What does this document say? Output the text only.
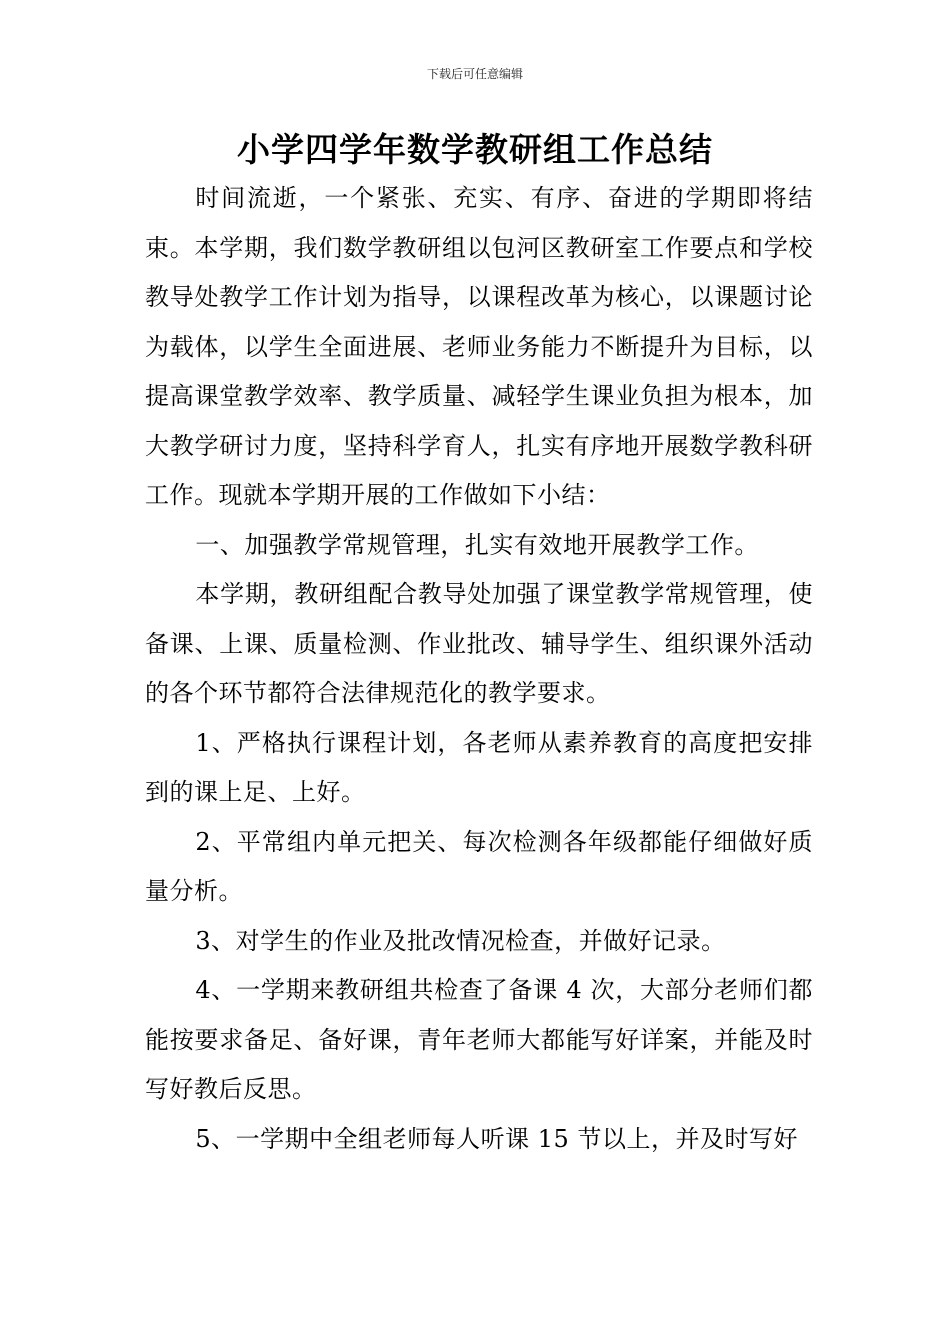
下载后可任意编辑
小学四学年数学教研组工作总结

时间流逝，一个紧张、充实、有序、奋进的学期即将结束。本学期，我们数学教研组以包河区教研室工作要点和学校教导处教学工作计划为指导，以课程改革为核心，以课题讨论为载体，以学生全面进展、老师业务能力不断提升为目标，以提高课堂教学效率、教学质量、减轻学生课业负担为根本，加大教学研讨力度，坚持科学育人，扎实有序地开展数学教科研工作。现就本学期开展的工作做如下小结：

一、加强教学常规管理，扎实有效地开展教学工作。

本学期，教研组配合教导处加强了课堂教学常规管理，使备课、上课、质量检测、作业批改、辅导学生、组织课外活动的各个环节都符合法律规范化的教学要求。

1、严格执行课程计划，各老师从素养教育的高度把安排到的课上足、上好。

2、平常组内单元把关、每次检测各年级都能仔细做好质量分析。

3、对学生的作业及批改情况检查，并做好记录。

4、一学期来教研组共检查了备课 4 次，大部分老师们都能按要求备足、备好课，青年老师大都能写好详案，并能及时写好教后反思。

5、一学期中全组老师每人听课 15 节以上，并及时写好
